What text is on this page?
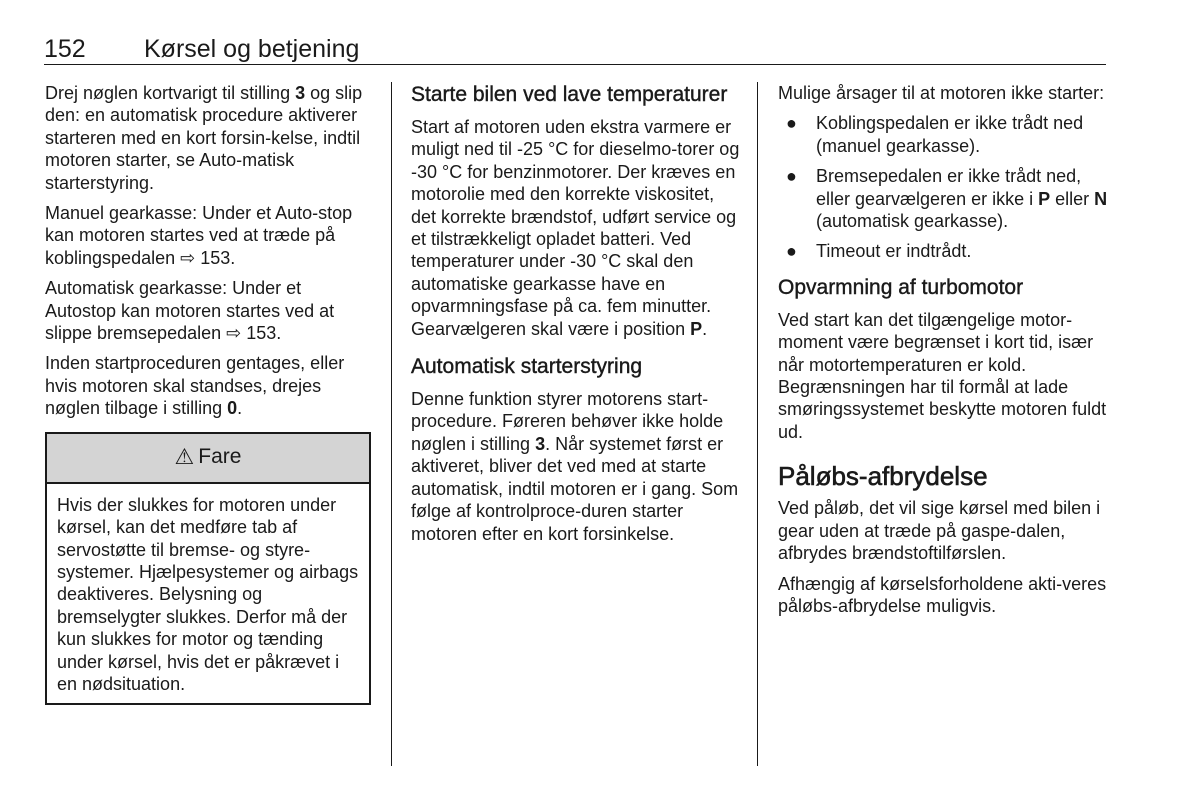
152 Kørsel og betjening

Drej nøglen kortvarigt til stilling 3 og slip den: en automatisk procedure aktiverer starteren med en kort forsin-kelse, indtil motoren starter, se Auto-matisk starterstyring.

Manuel gearkasse: Under et Auto-stop kan motoren startes ved at træde på koblingspedalen ⇨ 153.

Automatisk gearkasse: Under et Autostop kan motoren startes ved at slippe bremsepedalen ⇨ 153.

Inden startproceduren gentages, eller hvis motoren skal standses, drejes nøglen tilbage i stilling 0.

⚠ Fare
Hvis der slukkes for motoren under kørsel, kan det medføre tab af servostøtte til bremse- og styre-systemer. Hjælpesystemer og airbags deaktiveres. Belysning og bremselygter slukkes. Derfor må der kun slukkes for motor og tænding under kørsel, hvis det er påkrævet i en nødsituation.
Starte bilen ved lave temperaturer

Start af motoren uden ekstra varmere er muligt ned til -25 °C for dieselmo-torer og -30 °C for benzinmotorer. Der kræves en motorolie med den korrekte viskositet, det korrekte brændstof, udført service og et tilstrækkeligt opladet batteri. Ved temperaturer under -30 °C skal den automatiske gearkasse have en opvarmningsfase på ca. fem minutter. Gearvælgeren skal være i position P.

Automatisk starterstyring

Denne funktion styrer motorens start-procedure. Føreren behøver ikke holde nøglen i stilling 3. Når systemet først er aktiveret, bliver det ved med at starte automatisk, indtil motoren er i gang. Som følge af kontrolproce-duren starter motoren efter en kort forsinkelse.

Mulige årsager til at motoren ikke starter:

● Koblingspedalen er ikke trådt ned (manuel gearkasse).
● Bremsepedalen er ikke trådt ned, eller gearvælgeren er ikke i P eller N (automatisk gearkasse).
● Timeout er indtrådt.
Opvarmning af turbomotor

Ved start kan det tilgængelige motor-moment være begrænset i kort tid, især når motortemperaturen er kold. Begrænsningen har til formål at lade smøringssystemet beskytte motoren fuldt ud.

Påløbs-afbrydelse

Ved påløb, det vil sige kørsel med bilen i gear uden at træde på gaspe-dalen, afbrydes brændstoftilførslen.

Afhængig af kørselsforholdene akti-veres påløbs-afbrydelse muligvis.
